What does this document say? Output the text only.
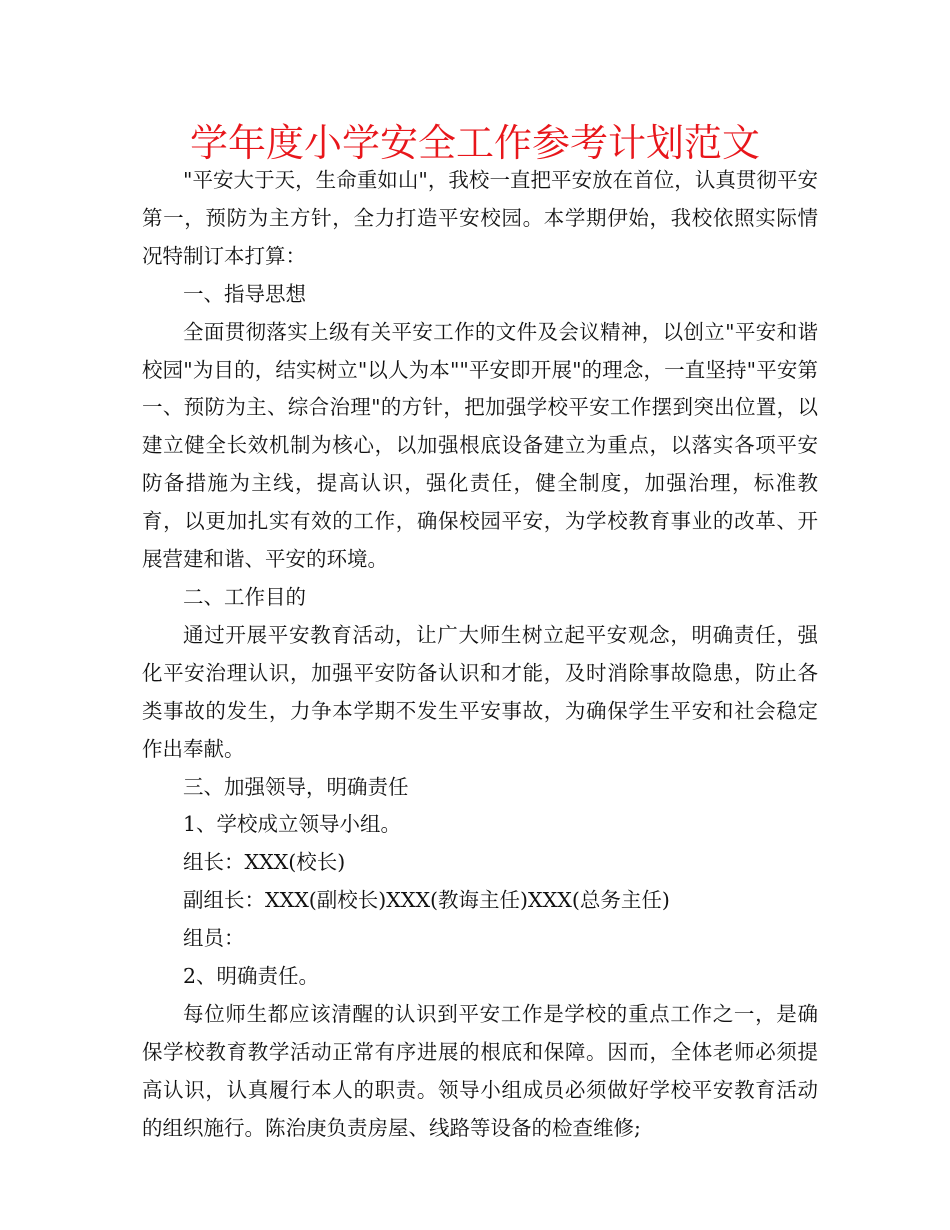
学年度小学安全工作参考计划范文

"平安大于天，生命重如山"，我校一直把平安放在首位，认真贯彻平安第一，预防为主方针，全力打造平安校园。本学期伊始，我校依照实际情况特制订本打算：

一、指导思想

全面贯彻落实上级有关平安工作的文件及会议精神，以创立"平安和谐校园"为目的，结实树立"以人为本""平安即开展"的理念，一直坚持"平安第一、预防为主、综合治理"的方针，把加强学校平安工作摆到突出位置，以建立健全长效机制为核心，以加强根底设备建立为重点，以落实各项平安防备措施为主线，提高认识，强化责任，健全制度，加强治理，标准教育，以更加扎实有效的工作，确保校园平安，为学校教育事业的改革、开展营建和谐、平安的环境。

二、工作目的

通过开展平安教育活动，让广大师生树立起平安观念，明确责任，强化平安治理认识，加强平安防备认识和才能，及时消除事故隐患，防止各类事故的发生，力争本学期不发生平安事故，为确保学生平安和社会稳定作出奉献。

三、加强领导，明确责任

1、学校成立领导小组。

组长：XXX(校长)

副组长：XXX(副校长)XXX(教诲主任)XXX(总务主任)

组员：

2、明确责任。

每位师生都应该清醒的认识到平安工作是学校的重点工作之一，是确保学校教育教学活动正常有序进展的根底和保障。因而，全体老师必须提高认识，认真履行本人的职责。领导小组成员必须做好学校平安教育活动的组织施行。陈治庚负责房屋、线路等设备的检查维修;
